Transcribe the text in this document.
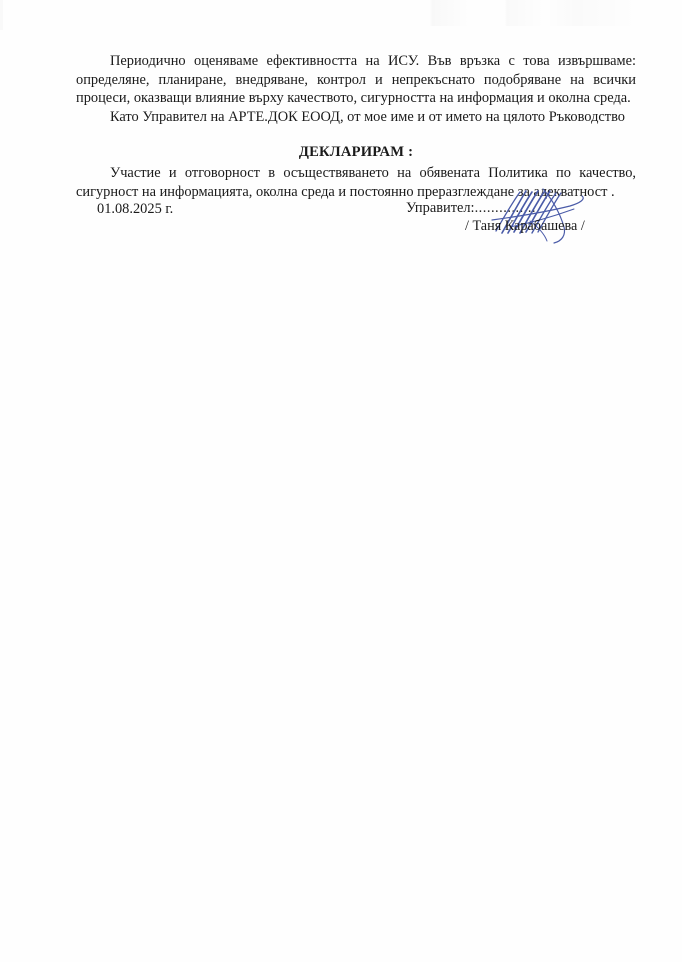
Периодично оценяваме ефективността на ИСУ. Във връзка с това извършваме: определяне, планиране, внедряване, контрол и непрекъснато подобряване на всички процеси, оказващи влияние върху качеството, сигурността на информация и околна среда.

Като Управител на АРТЕ.ДОК ЕООД, от мое име и от името на цялото Ръководство

ДЕКЛАРИРАМ :

Участие и отговорност в осъществяването на обявената Политика по качество, сигурност на информацията, околна среда и постоянно преразглеждане за адекватност .

01.08.2025 г.	Управител:...............
/ Таня Карабашева /
